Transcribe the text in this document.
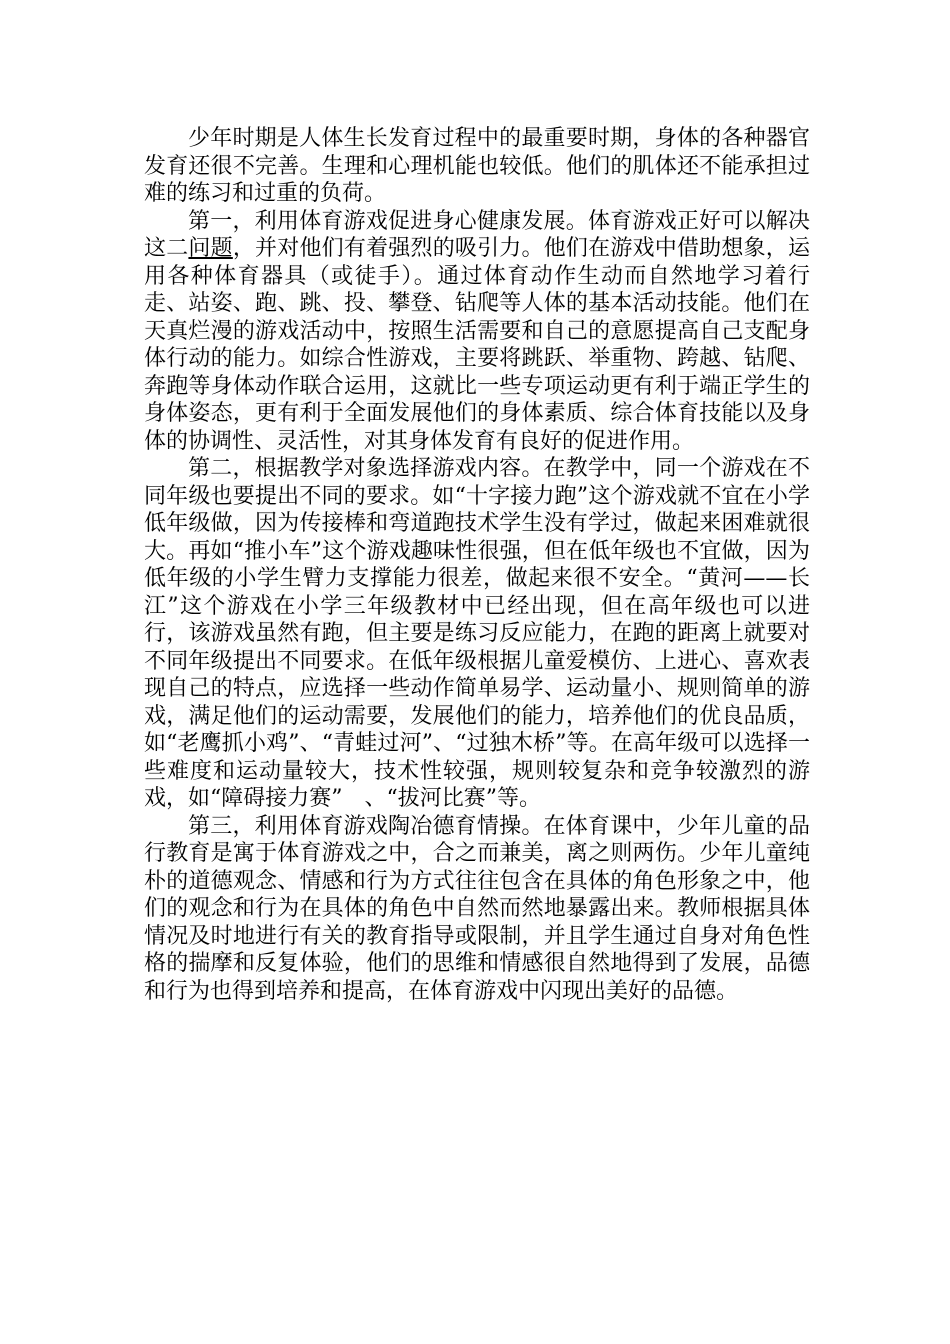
少年时期是人体生长发育过程中的最重要时期，身体的各种器官发育还很不完善。生理和心理机能也较低。他们的肌体还不能承担过难的练习和过重的负荷。

第一，利用体育游戏促进身心健康发展。体育游戏正好可以解决这二问题，并对他们有着强烈的吸引力。他们在游戏中借助想象，运用各种体育器具（或徒手）。通过体育动作生动而自然地学习着行走、站姿、跑、跳、投、攀登、钻爬等人体的基本活动技能。他们在天真烂漫的游戏活动中，按照生活需要和自己的意愿提高自己支配身体行动的能力。如综合性游戏，主要将跳跃、举重物、跨越、钻爬、奔跑等身体动作联合运用，这就比一些专项运动更有利于端正学生的身体姿态，更有利于全面发展他们的身体素质、综合体育技能以及身体的协调性、灵活性，对其身体发育有良好的促进作用。

第二，根据教学对象选择游戏内容。在教学中，同一个游戏在不同年级也要提出不同的要求。如“十字接力跑”这个游戏就不宜在小学低年级做，因为传接棒和弯道跑技术学生没有学过，做起来困难就很大。再如“推小车”这个游戏趣味性很强，但在低年级也不宜做，因为低年级的小学生臂力支撑能力很差，做起来很不安全。“黄河——长江”这个游戏在小学三年级教材中已经出现，但在高年级也可以进行，该游戏虽然有跑，但主要是练习反应能力，在跑的距离上就要对不同年级提出不同要求。在低年级根据儿童爱模仿、上进心、喜欢表现自己的特点，应选择一些动作简单易学、运动量小、规则简单的游戏，满足他们的运动需要，发展他们的能力，培养他们的优良品质，如“老鹰抓小鸡”、“青蛙过河”、“过独木桥”等。在高年级可以选择一些难度和运动量较大，技术性较强，规则较复杂和竞争较激烈的游戏，如“障碍接力赛”　、“拔河比赛”等。

第三，利用体育游戏陶冶德育情操。在体育课中，少年儿童的品行教育是寓于体育游戏之中，合之而兼美，离之则两伤。少年儿童纯朴的道德观念、情感和行为方式往往包含在具体的角色形象之中，他们的观念和行为在具体的角色中自然而然地暴露出来。教师根据具体情况及时地进行有关的教育指导或限制，并且学生通过自身对角色性格的揣摩和反复体验，他们的思维和情感很自然地得到了发展，品德和行为也得到培养和提高，在体育游戏中闪现出美好的品德。
